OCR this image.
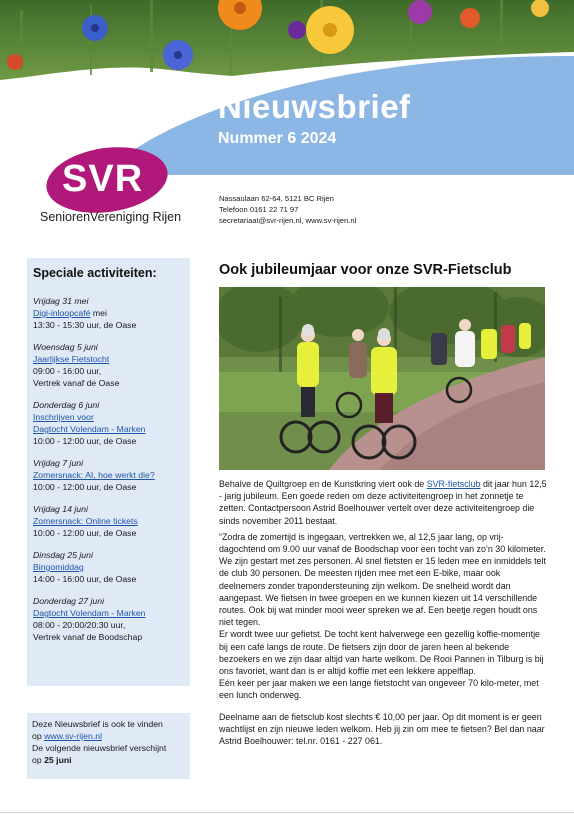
Nieuwsbrief
Nummer 6 2024
SVR
SeniorenVereniging Rijen
Nassaulaan 62-64, 5121 BC Rijen
Telefoon 0161 22 71 97
secretariaat@svr-rijen.nl, www.sv-rijen.nl
Speciale activiteiten:
Vrijdag 31 mei
Digi-inloopcafé mei
13:30 - 15:30 uur, de Oase
Woensdag 5 juni
Jaarlijkse Fietstocht
09:00 - 16:00 uur,
Vertrek vanaf de Oase
Donderdag 6 juni
Inschrijven voor
Dagtocht Volendam - Marken
10:00 - 12:00 uur, de Oase
Vrijdag 7 juni
Zomersnack: AI, hoe werkt die?
10:00 - 12:00 uur, de Oase
Vrijdag 14 juni
Zomersnack: Online tickets
10:00 - 12:00 uur, de Oase
Dinsdag 25 juni
Bingomiddag
14:00 - 16:00 uur, de Oase
Donderdag 27 juni
Dagtocht Volendam - Marken
08:00 - 20:00/20:30 uur,
Vertrek vanaf de Boodschap
Deze Nieuwsbrief is ook te vinden
op www.sv-rijen.nl
De volgende nieuwsbrief verschijnt
op 25 juni
Ook jubileumjaar voor onze SVR-Fietsclub

Behalve de Quiltgroep en de Kunstkring viert ook de SVR-fietsclub dit jaar hun 12,5 - jarig jubileum. Een goede reden om deze activiteitengroep in het zonnetje te zetten. Contactpersoon Astrid Boelhouwer vertelt over deze activiteitengroep die sinds november 2011 bestaat.

“Zodra de zomertijd is ingegaan, vertrekken we, al 12,5 jaar lang, op vrij-dagochtend om 9.00 uur vanaf de Boodschap voor een tocht van zo’n 30 kilometer. We zijn gestart met zes personen. Al snel fietsten er 15 leden mee en inmiddels telt de club 30 personen. De meesten rijden mee met een E-bike, maar ook deelnemers zonder trapondersteuning zijn welkom. De snelheid wordt dan aangepast. We fietsen in twee groepen en we kunnen kiezen uit 14 verschillende routes. Ook bij wat minder mooi weer spreken we af. Een beetje regen houdt ons niet tegen.

Er wordt twee uur gefietst. De tocht kent halverwege een gezellig koffie-momentje bij een café langs de route. De fietsers zijn door de jaren heen al bekende bezoekers en we zijn daar altijd van harte welkom. De Rooi Pannen in Tilburg is bij ons favoriet, want dan is er altijd koffie met een lekkere appelflap.

Eén keer per jaar maken we een lange fietstocht van ongeveer 70 kilo-meter, met een lunch onderweg.

Deelname aan de fietsclub kost slechts € 10,00 per jaar. Op dit moment is er geen wachtlijst en zijn nieuwe leden welkom. Heb jij zin om mee te fietsen? Bel dan naar Astrid Boelhouwer: tel.nr. 0161 - 227 061.
